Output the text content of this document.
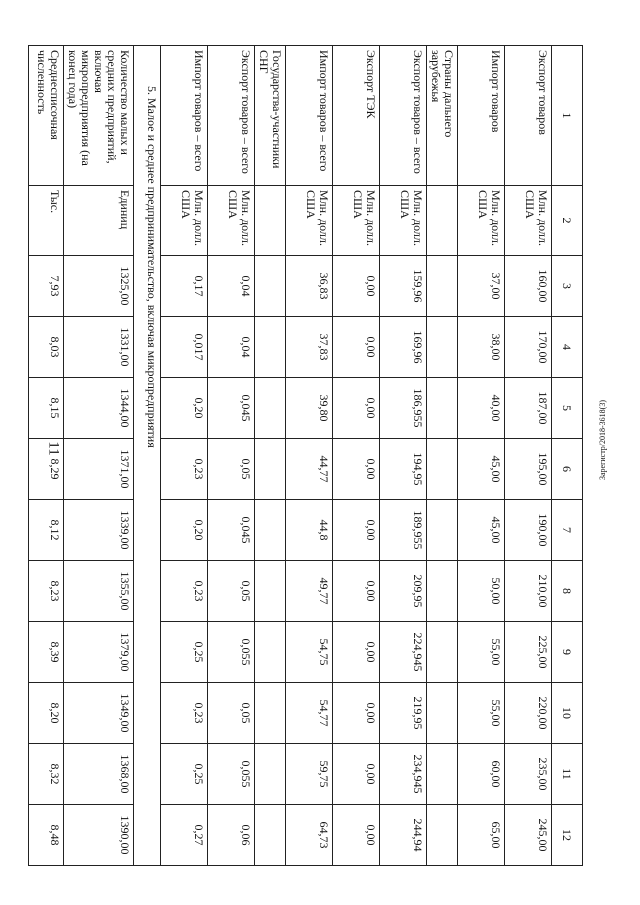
11
1	2	3	4	5	6	7	8	9	10	11	12
Экспорт товаров	Млн. долл. США	160,00	170,00	187,00	195,00	190,00	210,00	225,00	220,00	235,00	245,00
Импорт товаров	Млн. долл. США	37,00	38,00	40,00	45,00	45,00	50,00	55,00	55,00	60,00	65,00
Страны дальнего зарубежья											
Экспорт товаров – всего	Млн. долл. США	159,96	169,96	186,955	194,95	189,955	209,95	224,945	219,95	234,945	244,94
Экспорт ТЭК	Млн. долл. США	0,00	0,00	0,00	0,00	0,00	0,00	0,00	0,00	0,00	0,00
Импорт товаров – всего	Млн. долл. США	36,83	37,83	39,80	44,77	44,8	49,77	54,75	54,77	59,75	64,73
Государства-участники СНГ											
Экспорт товаров – всего	Млн. долл. США	0,04	0,04	0,045	0,05	0,045	0,05	0,055	0,05	0,055	0,06
Импорт товаров – всего	Млн. долл. США	0,17	0,017	0,20	0,23	0,20	0,23	0,25	0,23	0,25	0,27
5. Малое и среднее предпринимательство, включая микропредприятия											
Количество малых и средних предприятий, включая микропредприятия (на конец года)	Единиц	1325,00	1331,00	1344,00	1371,00	1339,00	1355,00	1379,00	1349,00	1368,00	1390,00
Среднесписочная численность	Тыс.	7,93	8,03	8,15	8,29	8,12	8,23	8,39	8,20	8,32	8,48
Зарегистр/2018-3618(3)
